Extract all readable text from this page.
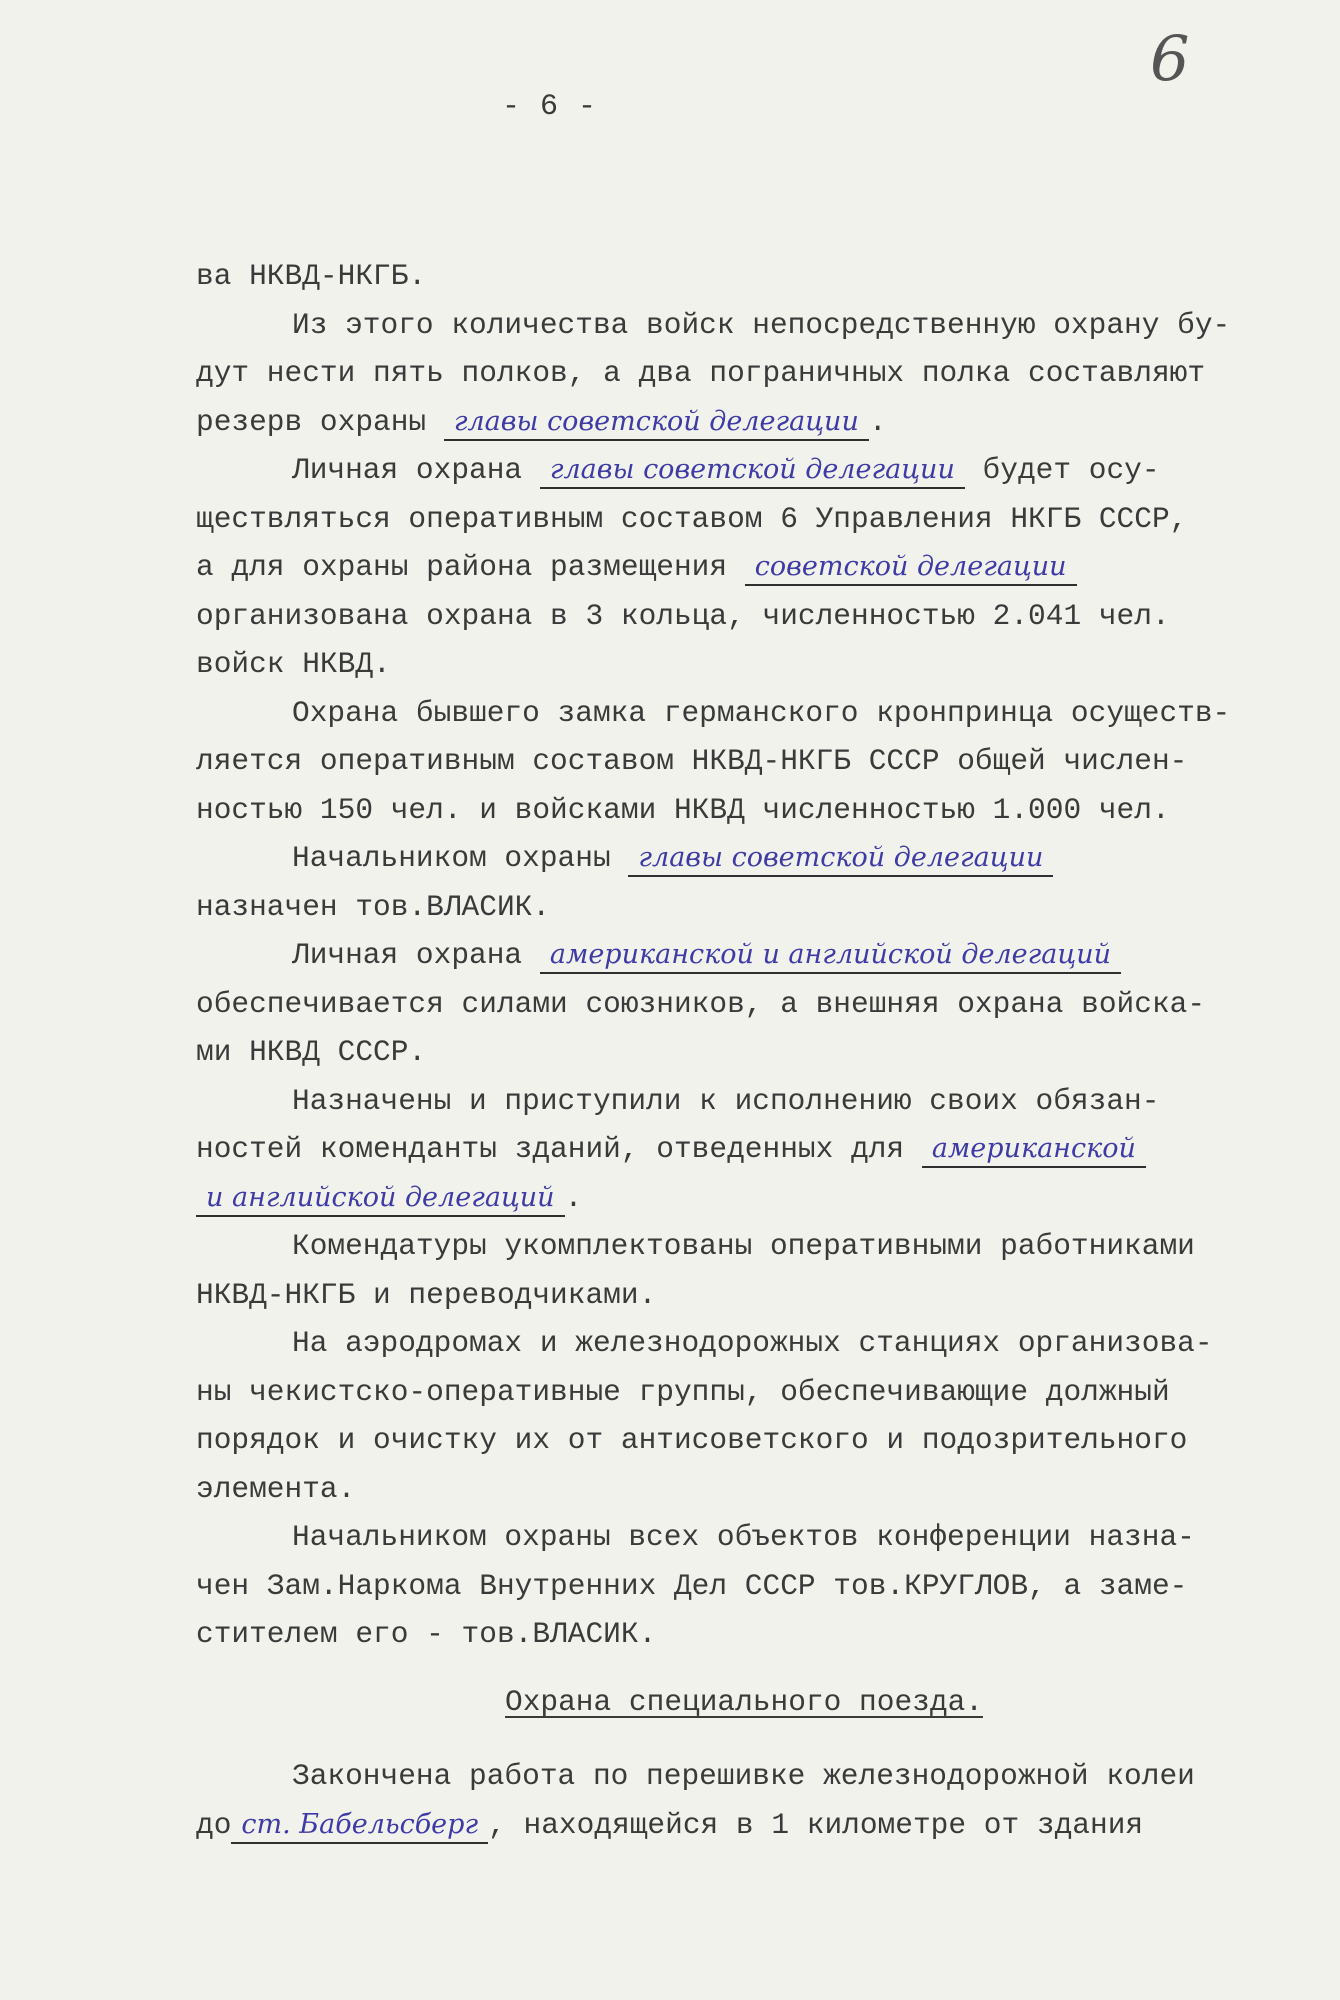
6
- 6 -
ва НКВД-НКГБ.
Из этого количества войск непосредственную охрану бу-
дут нести пять полков, а два пограничных полка составляют
резерв охраны главы советской делегации .
Личная охрана главы советской делегации будет осу-
ществляться оперативным составом 6 Управления НКГБ СССР,
а для охраны района размещения советской делегации
организована охрана в 3 кольца, численностью 2.041 чел.
войск НКВД.
Охрана бывшего замка германского кронпринца осуществ-
ляется оперативным составом НКВД-НКГБ СССР общей числен-
ностью 150 чел. и войсками НКВД численностью 1.000 чел.
Начальником охраны главы советской делегации
назначен тов.ВЛАСИК.
Личная охрана американской и английской делегаций
обеспечивается силами союзников, а внешняя охрана войска-
ми НКВД СССР.
Назначены и приступили к исполнению своих обязан-
ностей коменданты зданий, отведенных для американской
и английской делегаций .
Комендатуры укомплектованы оперативными работниками
НКВД-НКГБ и переводчиками.
На аэродромах и железнодорожных станциях организова-
ны чекистско-оперативные группы, обеспечивающие должный
порядок и очистку их от антисоветского и подозрительного
элемента.
Начальником охраны всех объектов конференции назна-
чен Зам.Наркома Внутренних Дел СССР тов.КРУГЛОВ, а заме-
стителем его - тов.ВЛАСИК.
Охрана специального поезда.
Закончена работа по перешивке железнодорожной колеи
до ст. Бабельсберг , находящейся в 1 километре от здания
